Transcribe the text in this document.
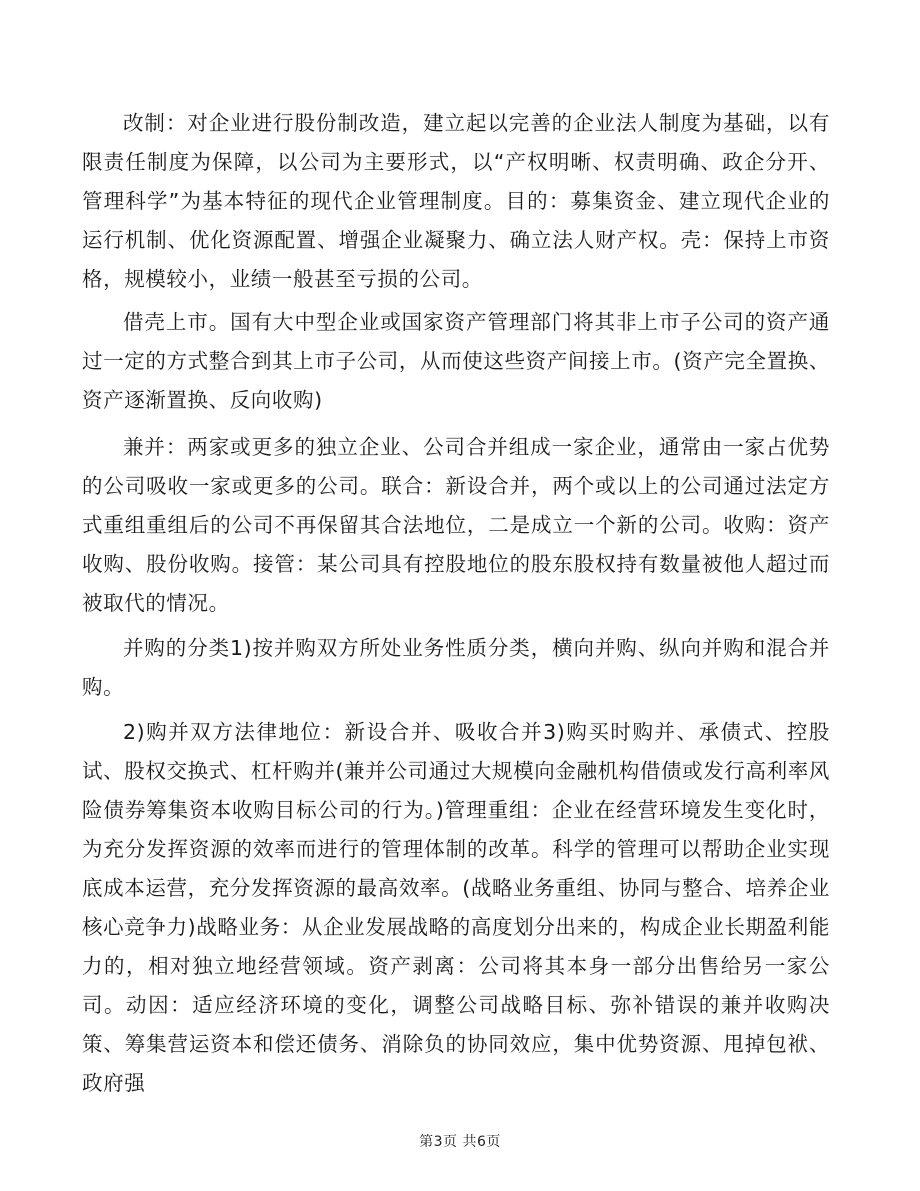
改制：对企业进行股份制改造，建立起以完善的企业法人制度为基础，以有限责任制度为保障，以公司为主要形式，以“产权明晰、权责明确、政企分开、管理科学”为基本特征的现代企业管理制度。目的：募集资金、建立现代企业的运行机制、优化资源配置、增强企业凝聚力、确立法人财产权。壳：保持上市资格，规模较小，业绩一般甚至亏损的公司。

借壳上市。国有大中型企业或国家资产管理部门将其非上市子公司的资产通过一定的方式整合到其上市子公司，从而使这些资产间接上市。(资产完全置换、资产逐渐置换、反向收购)

兼并：两家或更多的独立企业、公司合并组成一家企业，通常由一家占优势的公司吸收一家或更多的公司。联合：新设合并，两个或以上的公司通过法定方式重组重组后的公司不再保留其合法地位，二是成立一个新的公司。收购：资产收购、股份收购。接管：某公司具有控股地位的股东股权持有数量被他人超过而被取代的情况。

并购的分类1)按并购双方所处业务性质分类，横向并购、纵向并购和混合并购。

2)购并双方法律地位：新设合并、吸收合并3)购买时购并、承债式、控股试、股权交换式、杠杆购并(兼并公司通过大规模向金融机构借债或发行高利率风险债券筹集资本收购目标公司的行为。)管理重组：企业在经营环境发生变化时，为充分发挥资源的效率而进行的管理体制的改革。科学的管理可以帮助企业实现底成本运营，充分发挥资源的最高效率。(战略业务重组、协同与整合、培养企业核心竞争力)战略业务：从企业发展战略的高度划分出来的，构成企业长期盈利能力的，相对独立地经营领域。资产剥离：公司将其本身一部分出售给另一家公司。动因：适应经济环境的变化，调整公司战略目标、弥补错误的兼并收购决策、筹集营运资本和偿还债务、消除负的协同效应，集中优势资源、甩掉包袱、政府强

第3页 共6页
